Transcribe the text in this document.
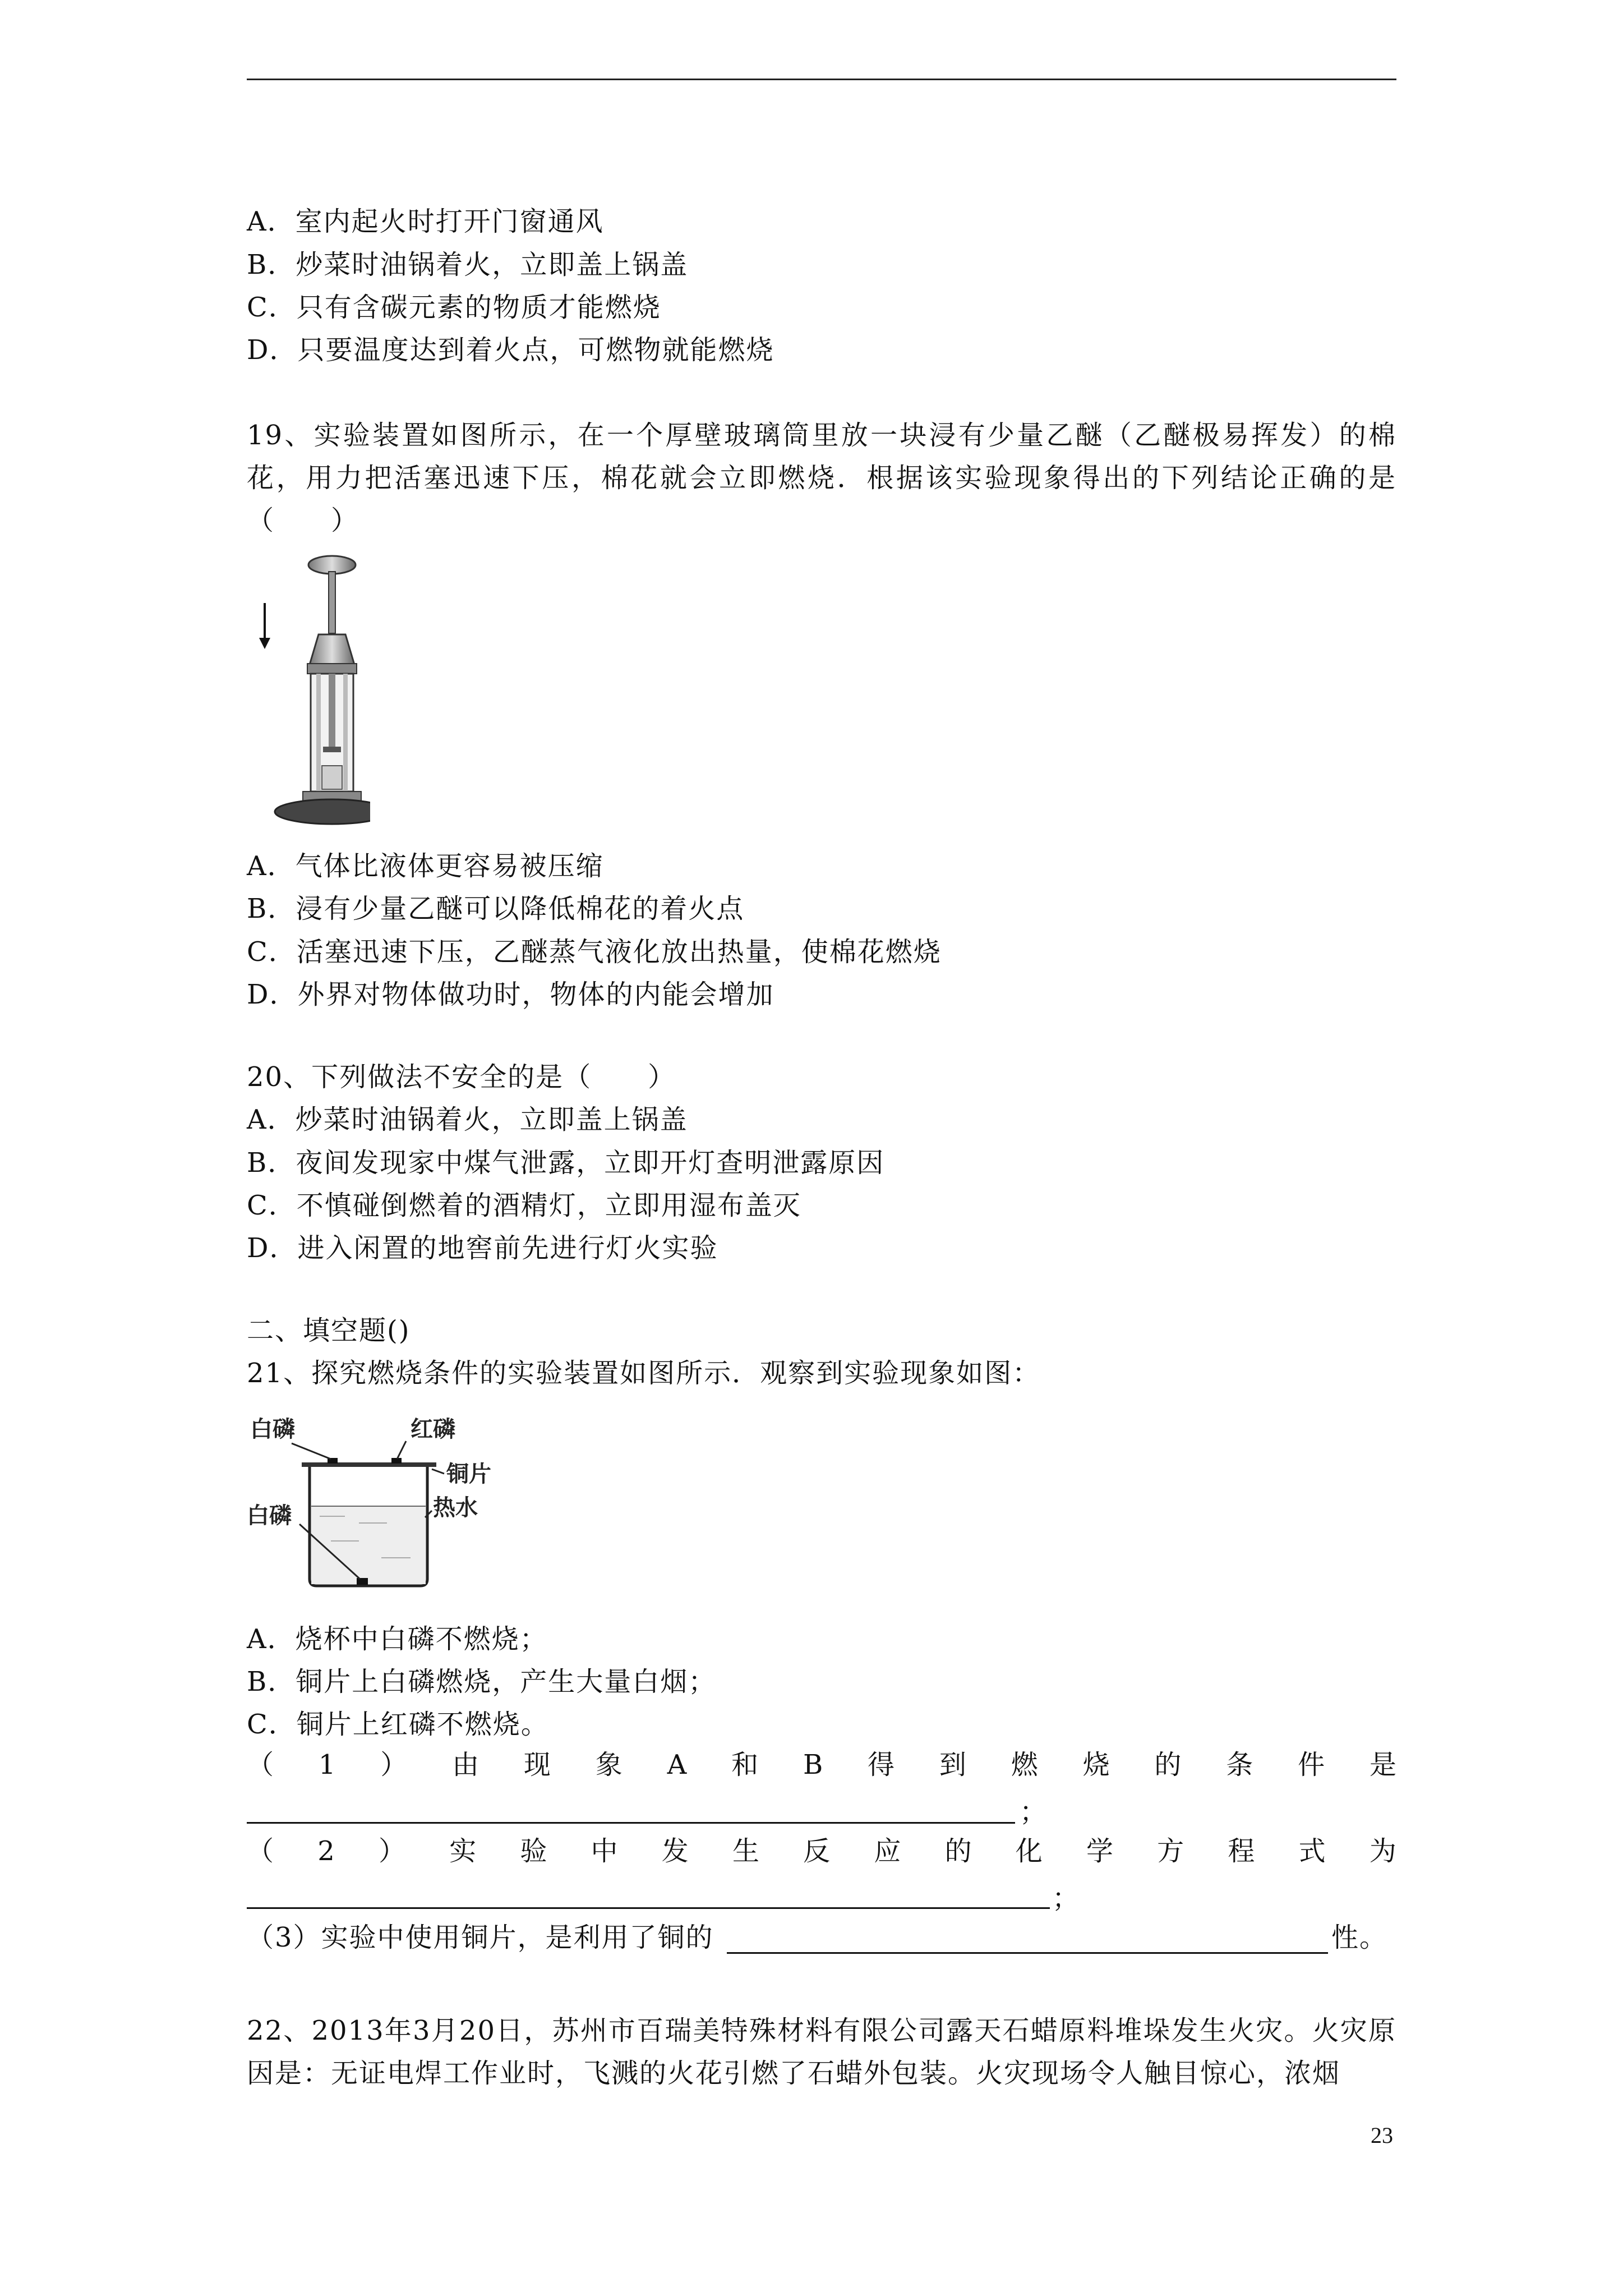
A．室内起火时打开门窗通风
B．炒菜时油锅着火，立即盖上锅盖
C．只有含碳元素的物质才能燃烧
D．只要温度达到着火点，可燃物就能燃烧
19、实验装置如图所示，在一个厚壁玻璃筒里放一块浸有少量乙醚（乙醚极易挥发）的棉花，用力把活塞迅速下压，棉花就会立即燃烧．根据该实验现象得出的下列结论正确的是（　　）
A．气体比液体更容易被压缩
B．浸有少量乙醚可以降低棉花的着火点
C．活塞迅速下压，乙醚蒸气液化放出热量，使棉花燃烧
D．外界对物体做功时，物体的内能会增加
20、下列做法不安全的是（　　）
A．炒菜时油锅着火，立即盖上锅盖
B．夜间发现家中煤气泄露，立即开灯查明泄露原因
C．不慎碰倒燃着的酒精灯，立即用湿布盖灭
D．进入闲置的地窖前先进行灯火实验
二、填空题()
21、探究燃烧条件的实验装置如图所示．观察到实验现象如图：
白磷	红磷
铜片
白磷	热水
A．烧杯中白磷不燃烧；
B．铜片上白磷燃烧，产生大量白烟；
C．铜片上红磷不燃烧。
（ 1 ） 由 现 象 A 和 B 得 到 燃 烧 的 条 件 是
；
（ 2 ） 实 验 中 发 生 反 应 的 化 学 方 程 式 为
；
（3）实验中使用铜片，是利用了铜的	性。
22、2013年3月20日，苏州市百瑞美特殊材料有限公司露天石蜡原料堆垛发生火灾。火灾原因是：无证电焊工作业时，飞溅的火花引燃了石蜡外包装。火灾现场令人触目惊心，浓烟
23
